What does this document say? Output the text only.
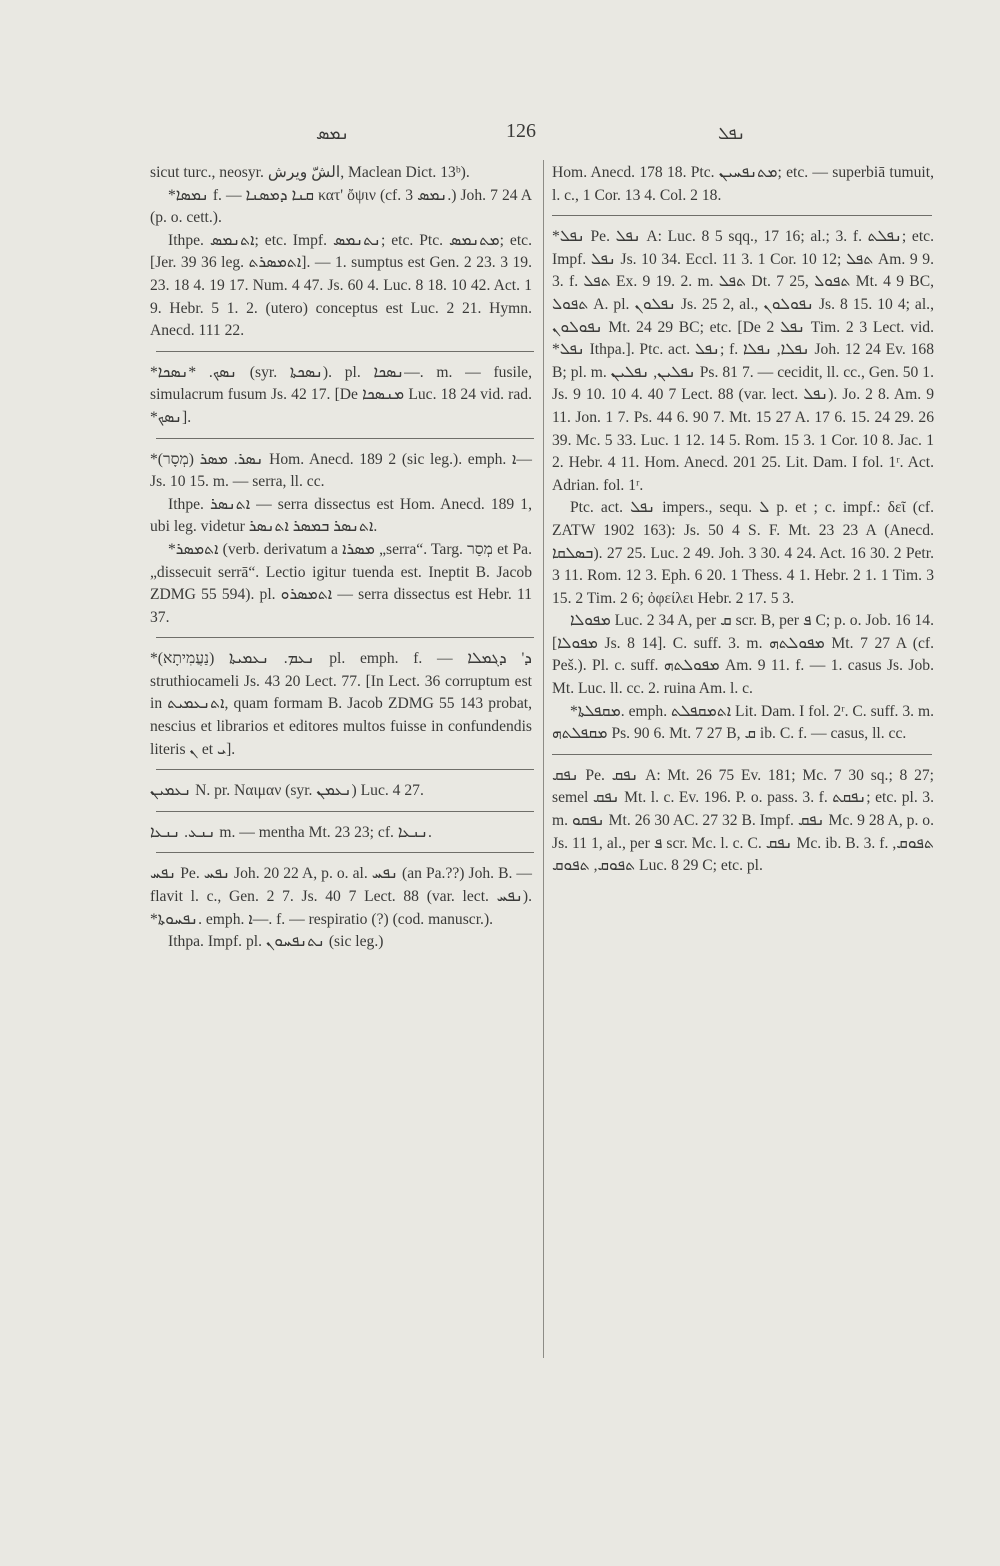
ܢܡܣ	126	ܢܦܠ

sicut turc., neosyr. الشّ ويرش, Maclean Dict. 13ᵇ).

*ܢܡܣܐ f. — ܩܢܐ ܕܡܣܢܐ κατ' ὄψιν (cf. ܢܡܣ 3.) Joh. 7 24 A (p. o. cett.).

Ithpe. ܐܬܢܡܣ; etc. Impf. ܢܬܢܡܣ; etc. Ptc. ܡܬܢܡܣ; etc. [Jer. 39 36 leg. ܐܬܡܣܪܬ]. — 1. sumptus est Gen. 2 23. 3 19. 23. 18 4. 19 17. Num. 4 47. Js. 60 4. Luc. 8 18. 10 42. Act. 1 9. Hebr. 5 1. 2. (utero) conceptus est Luc. 2 21. Hymn. Anecd. 111 22.

*ܢܣܟ. *ܢܣܟܐ (syr. ܢܣܟܬܐ). pl. ܢܣܟܐ—. m. — fusile, simulacrum fusum Js. 42 17. [De ܡܢܣܟܐ Luc. 18 24 vid. rad. *ܢܣܟ].

*ܢܣܪ. ܡܣܪ (מְסָר) Hom. Anecd. 189 2 (sic leg.). emph. ܐ— Js. 10 15. m. — serra, ll. cc.

Ithpe. ܐܬܢܣܪ — serra dissectus est Hom. Anecd. 189 1, ubi leg. videtur ܐܬܢܣܪ ܒܡܣܪ ܐܬܢܣܪ.

*ܐܬܡܣܪ (verb. derivatum a ܡܣܪܐ „serra“. Targ. מְסַר et Pa. „dissecuit serrā“. Lectio igitur tuenda est. Ineptit B. Jacob ZDMG 55 594). pl. ܐܬܡܣܪܘ — serra dissectus est Hebr. 11 37.

*ܢܥܡ. ܢܥܡܝܬܐ (נַעֲמִיתָא) pl. emph. f. — ܕ' ܕܓܡܠܐ struthiocameli Js. 43 20 Lect. 77. [In Lect. 36 corruptum est in ܐܬܢܥܡܝܬ, quam formam B. Jacob ZDMG 55 143 probat, nescius et librarios et editores multos fuisse in confundendis literis ܢ et ܝ].

ܢܥܡܝܢ N. pr. Ναιμαν (syr. ܢܥܡܢ) Luc. 4 27.

ܢܢܥ. ܢܢܥܐ m. — mentha Mt. 23 23; cf. ܢܢܥܐ.

ܢܦܚ Pe. ܢܦܚ Joh. 20 22 A, p. o. al. ܢܦܚ (an Pa.??) Joh. B. — flavit l. c., Gen. 2 7. Js. 40 7 Lect. 88 (var. lect. ܢܦܚ). *ܢܦܚܘܬܐ. emph. ܐ—. f. — respiratio (?) (cod. manuscr.).

Ithpa. Impf. pl. ܢܬܢܦܚܘܢ (sic leg.)

Hom. Anecd. 178 18. Ptc. ܡܬܢܦܚܝܢ; etc. — superbiā tumuit, l. c., 1 Cor. 13 4. Col. 2 18.

*ܢܦܠ Pe. ܢܦܠ A: Luc. 8 5 sqq., 17 16; al.; 3. f. ܢܦܠܬ; etc. Impf. ܢܦܠ Js. 10 34. Eccl. 11 3. 1 Cor. 10 12; ܬܦܠ Am. 9 9. 3. f. ܬܦܠ Ex. 9 19. 2. m. ܬܦܠ Dt. 7 25, ܬܦܘܠ Mt. 4 9 BC, ܬܦܘܠ A. pl. ܢܦܠܘܢ Js. 25 2, al., ܢܦܘܠܘܢ Js. 8 15. 10 4; al., ܢܦܘܠܘܢ Mt. 24 29 BC; etc. [De ܢܦܠ 2 Tim. 2 3 Lect. vid. *ܢܦܠ Ithpa.]. Ptc. act. ܢܦܠ; f. ܢܦܠܐ, ܢܦܠܐ Joh. 12 24 Ev. 168 B; pl. m. ܢܦܠܝܢ, ܢܦܠܝܢ Ps. 81 7. — cecidit, ll. cc., Gen. 50 1. Js. 9 10. 10 4. 40 7 Lect. 88 (var. lect. ܢܦܠ). Jo. 2 8. Am. 9 11. Jon. 1 7. Ps. 44 6. 90 7. Mt. 15 27 A. 17 6. 15. 24 29. 26 39. Mc. 5 33. Luc. 1 12. 14 5. Rom. 15 3. 1 Cor. 10 8. Jac. 1 2. Hebr. 4 11. Hom. Anecd. 201 25. Lit. Dam. I fol. 1ʳ. Act. Adrian. fol. 1ʳ.

Ptc. act. ܢܦܠ impers., sequ. ܠ p. et ; c. impf.: δεῖ (cf. ZATW 1902 163): Js. 50 4 S. F. Mt. 23 23 A (Anecd. ܒܣܠܩܐ). 25 27. Luc. 2 49. Joh. 3 30. 4 24. Act. 16 30. 2 Petr. 3 11. Rom. 12 3. Eph. 6 20. 1 Thess. 4 1. Hebr. 2 1. 1 Tim. 3 15. 2 Tim. 2 6; ὀφείλει Hebr. 2 17. 5 3.

ܡܦܘܠܐ Luc. 2 34 A, per ܩ scr. B, per ܦ C; p. o. Job. 16 14. [ܡܦܘܠܐ Js. 8 14]. C. suff. 3. m. ܡܦܘܠܬܗ Mt. 7 27 A (cf. Peš.). Pl. c. suff. ܡܦܘܠܬܗ Am. 9 11. f. — 1. casus Js. Job. Mt. Luc. ll. cc. 2. ruina Am. l. c.

*ܡܩܦܠܬܐ. emph. ܐܬܡܩܦܠܬ Lit. Dam. I fol. 2ʳ. C. suff. 3. m. ܡܩܦܠܬܗ Ps. 90 6. Mt. 7 27 B, ܩ ib. C. f. — casus, ll. cc.

ܢܦܩ Pe. ܢܦܩ A: Mt. 26 75 Ev. 181; Mc. 7 30 sq.; 8 27; semel ܢܦܩ Mt. l. c. Ev. 196. P. o. pass. 3. f. ܢܦܩܬ; etc. pl. 3. m. ܢܦܩܘ Mt. 26 30 AC. 27 32 B. Impf. ܢܦܩ Mc. 9 28 A, p. o. Js. 11 1, al., per ܦ scr. Mc. l. c. C. ܢܦܩ Mc. ib. B. 3. f. ܬܦܘܩ, ܬܦܘܩ, ܬܦܘܩ Luc. 8 29 C; etc. pl.
